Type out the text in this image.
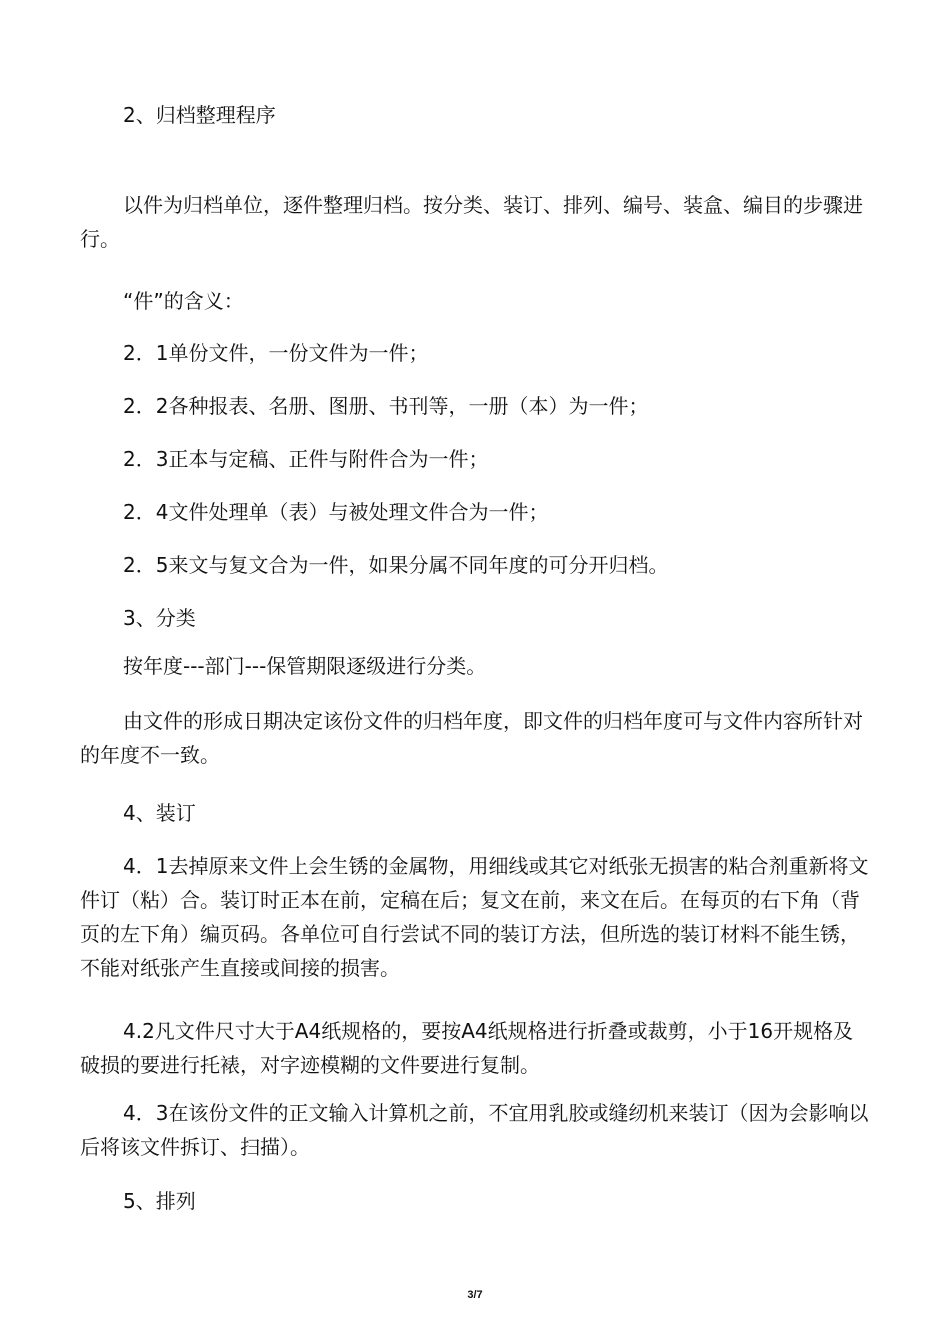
2、归档整理程序

以件为归档单位，逐件整理归档。按分类、装订、排列、编号、装盒、编目的步骤进行。

“件”的含义：

2．1单份文件，一份文件为一件；

2．2各种报表、名册、图册、书刊等，一册（本）为一件；

2．3正本与定稿、正件与附件合为一件；

2．4文件处理单（表）与被处理文件合为一件；

2．5来文与复文合为一件，如果分属不同年度的可分开归档。

3、分类

按年度---部门---保管期限逐级进行分类。

由文件的形成日期决定该份文件的归档年度，即文件的归档年度可与文件内容所针对的年度不一致。

4、装订

4．1去掉原来文件上会生锈的金属物，用细线或其它对纸张无损害的粘合剂重新将文件订（粘）合。装订时正本在前，定稿在后；复文在前，来文在后。在每页的右下角（背页的左下角）编页码。各单位可自行尝试不同的装订方法，但所选的装订材料不能生锈，不能对纸张产生直接或间接的损害。

4.2凡文件尺寸大于A4纸规格的，要按A4纸规格进行折叠或裁剪，小于16开规格及破损的要进行托裱，对字迹模糊的文件要进行复制。

4．3在该份文件的正文输入计算机之前，不宜用乳胶或缝纫机来装订（因为会影响以后将该文件拆订、扫描）。

5、排列

3/7
